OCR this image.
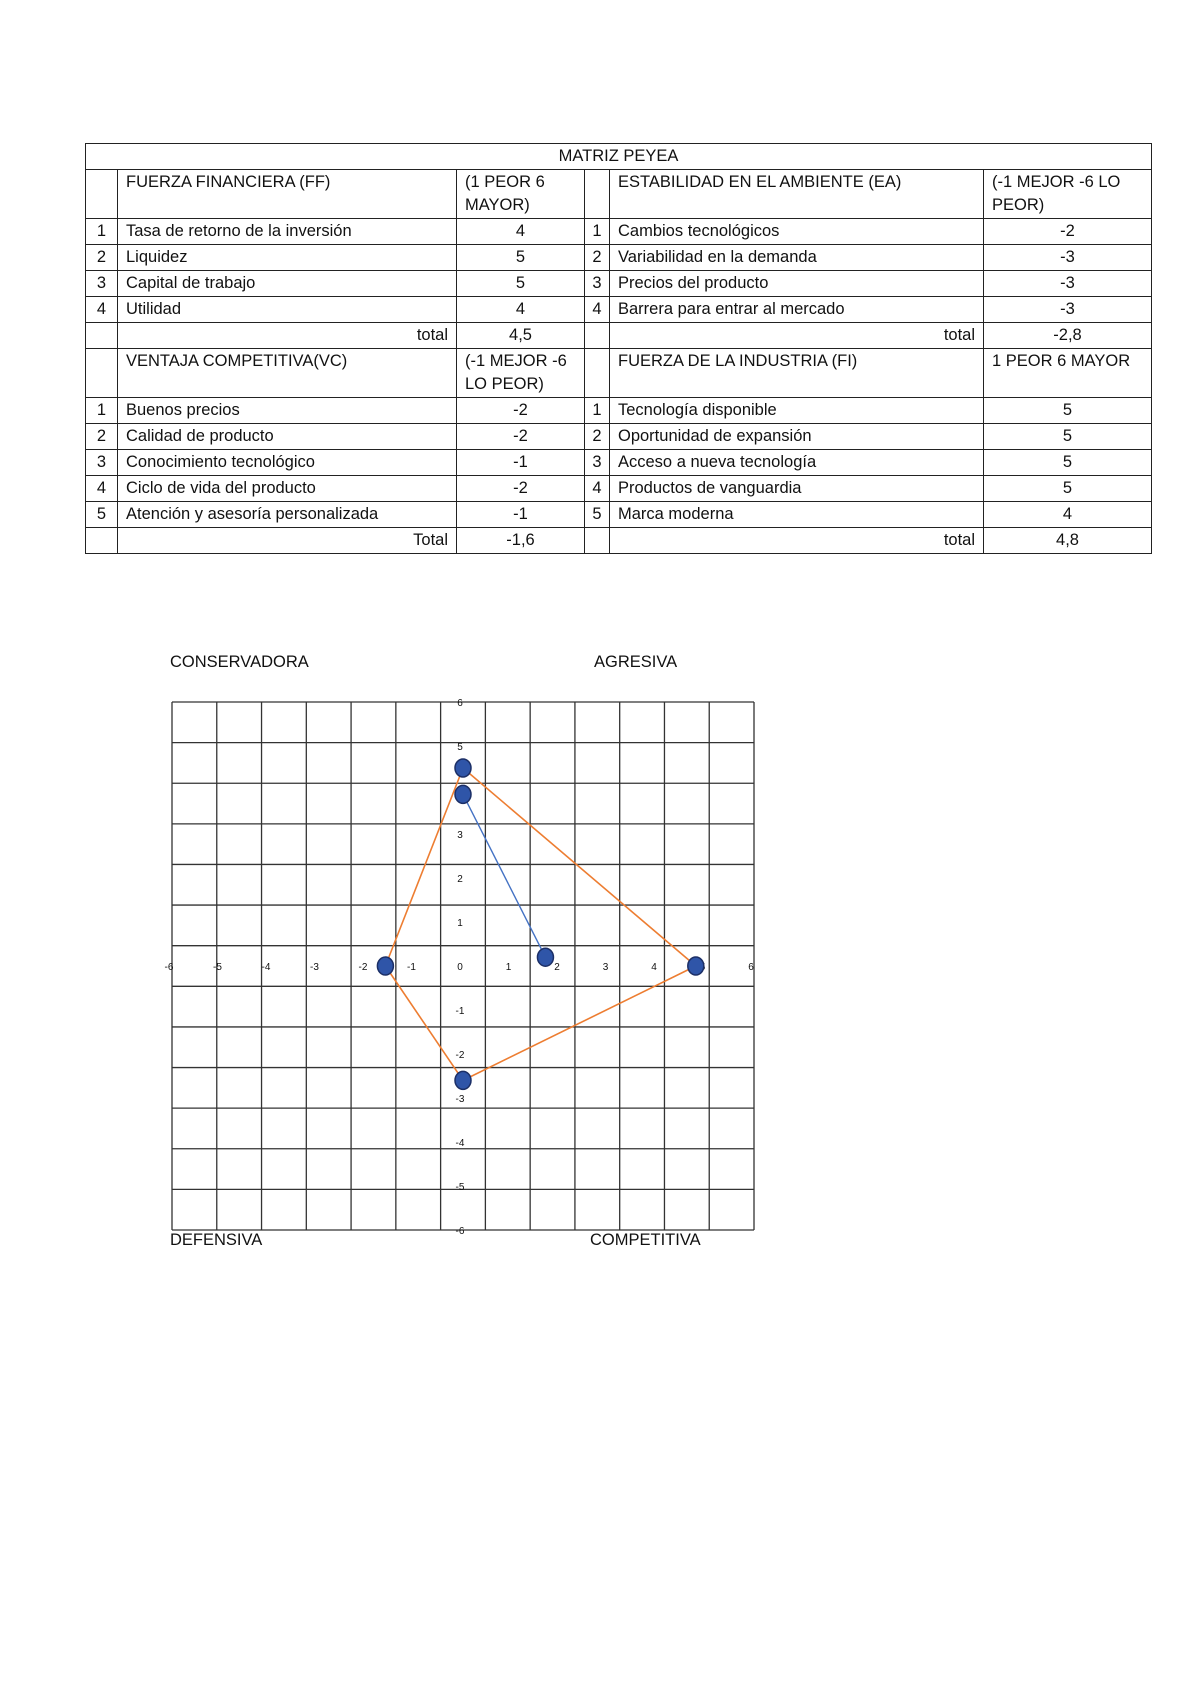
MATRIZ PEYEA					
	FUERZA FINANCIERA (FF)	(1 PEOR 6 MAYOR)		ESTABILIDAD EN EL AMBIENTE (EA)	(-1 MEJOR -6 LO PEOR)
1	Tasa de retorno de la inversión	4	1	Cambios tecnológicos	-2
2	Liquidez	5	2	Variabilidad en la demanda	-3
3	Capital de trabajo	5	3	Precios del producto	-3
4	Utilidad	4	4	Barrera para entrar al mercado	-3
	total	4,5		total	-2,8
	VENTAJA COMPETITIVA(VC)	(-1 MEJOR -6 LO PEOR)		FUERZA DE LA INDUSTRIA (FI)	1 PEOR 6 MAYOR
1	Buenos precios	-2	1	Tecnología disponible	5
2	Calidad de producto	-2	2	Oportunidad de expansión	5
3	Conocimiento tecnológico	-1	3	Acceso a nueva tecnología	5
4	Ciclo de vida del producto	-2	4	Productos de vanguardia	5
5	Atención y asesoría personalizada	-1	5	Marca moderna	4
	Total	-1,6		total	4,8
CONSERVADORA	AGRESIVA
DEFENSIVA	COMPETITIVA
-6	-5	-4	-3	-2	-1	0	1	2	3	4	6
6
5
3
2
1
-1
-2
-3
-4
-5
-6
